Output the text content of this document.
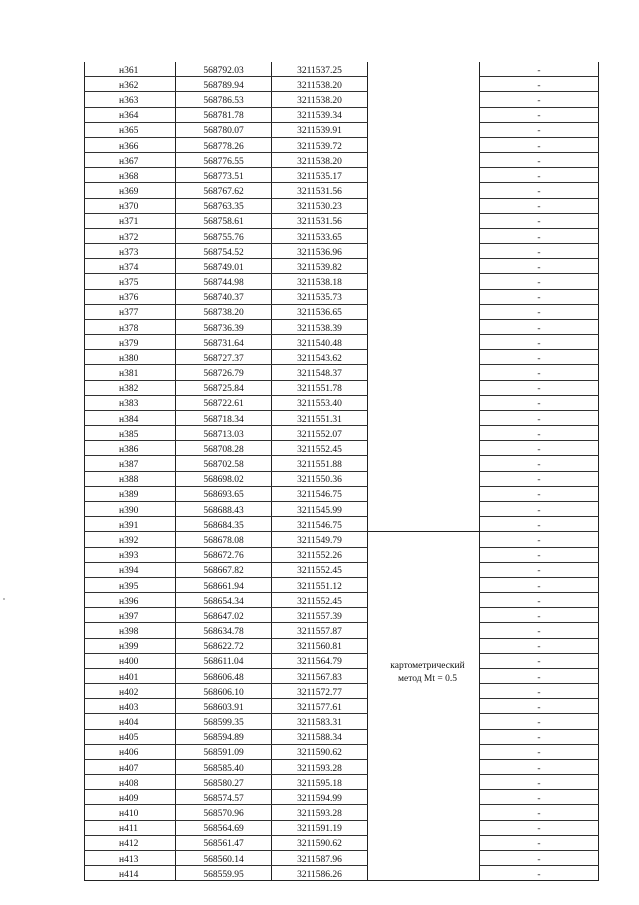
н361	568792.03	3211537.25		-
н362	568789.94	3211538.20		-
н363	568786.53	3211538.20		-
н364	568781.78	3211539.34		-
н365	568780.07	3211539.91		-
н366	568778.26	3211539.72		-
н367	568776.55	3211538.20		-
н368	568773.51	3211535.17		-
н369	568767.62	3211531.56		-
н370	568763.35	3211530.23		-
н371	568758.61	3211531.56		-
н372	568755.76	3211533.65		-
н373	568754.52	3211536.96		-
н374	568749.01	3211539.82		-
н375	568744.98	3211538.18		-
н376	568740.37	3211535.73		-
н377	568738.20	3211536.65		-
н378	568736.39	3211538.39		-
н379	568731.64	3211540.48		-
н380	568727.37	3211543.62		-
н381	568726.79	3211548.37		-
н382	568725.84	3211551.78		-
н383	568722.61	3211553.40		-
н384	568718.34	3211551.31		-
н385	568713.03	3211552.07		-
н386	568708.28	3211552.45		-
н387	568702.58	3211551.88		-
н388	568698.02	3211550.36		-
н389	568693.65	3211546.75		-
н390	568688.43	3211545.99		-
н391	568684.35	3211546.75		-
н392	568678.08	3211549.79		-
н393	568672.76	3211552.26		-
н394	568667.82	3211552.45		-
н395	568661.94	3211551.12		-
н396	568654.34	3211552.45		-
н397	568647.02	3211557.39		-
н398	568634.78	3211557.87		-
н399	568622.72	3211560.81		-
н400	568611.04	3211564.79		-
н401	568606.48	3211567.83		-
н402	568606.10	3211572.77		-
н403	568603.91	3211577.61		-
н404	568599.35	3211583.31		-
н405	568594.89	3211588.34		-
н406	568591.09	3211590.62		-
н407	568585.40	3211593.28		-
н408	568580.27	3211595.18		-
н409	568574.57	3211594.99		-
н410	568570.96	3211593.28		-
н411	568564.69	3211591.19		-
н412	568561.47	3211590.62		-
н413	568560.14	3211587.96		-
н414	568559.95	3211586.26		-
картометрический
метод Mt = 0.5
